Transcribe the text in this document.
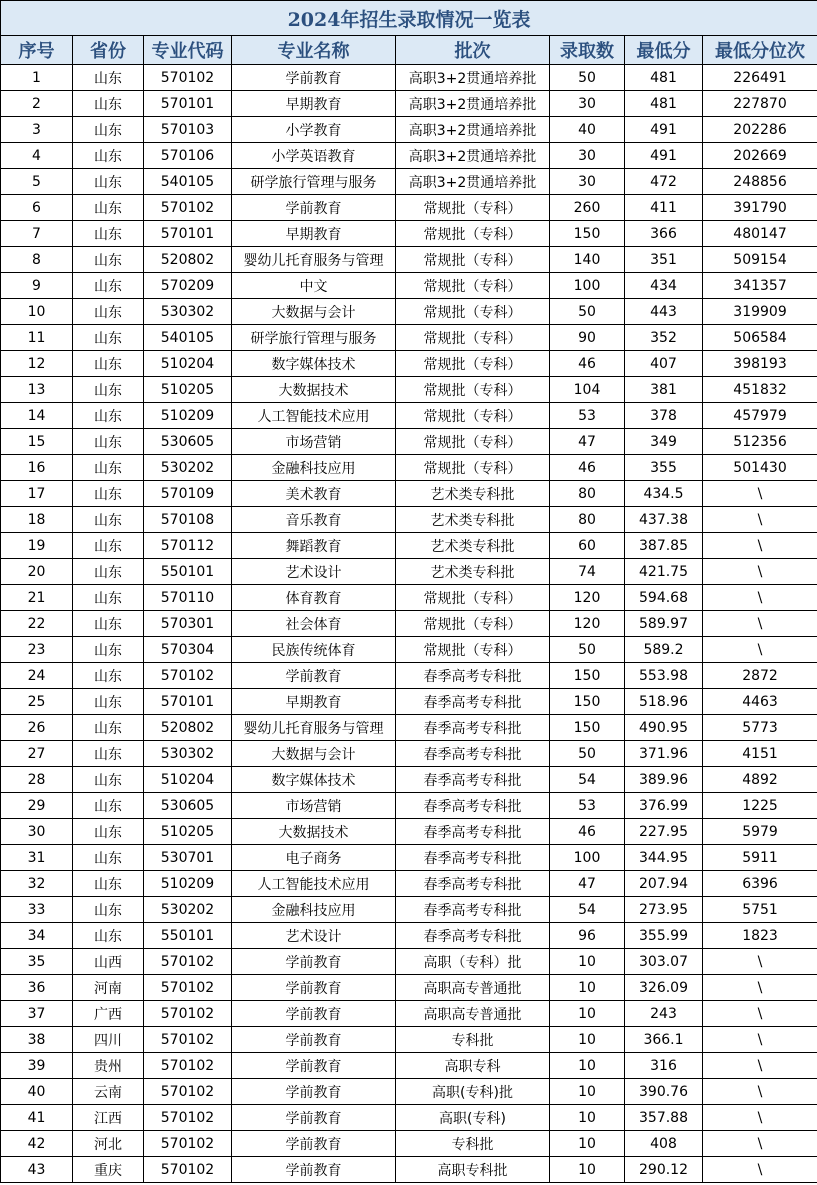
2024年招生录取情况一览表							
序号	省份	专业代码	专业名称	批次	录取数	最低分	最低分位次
1	山东	570102	学前教育	高职3+2贯通培养批	50	481	226491
2	山东	570101	早期教育	高职3+2贯通培养批	30	481	227870
3	山东	570103	小学教育	高职3+2贯通培养批	40	491	202286
4	山东	570106	小学英语教育	高职3+2贯通培养批	30	491	202669
5	山东	540105	研学旅行管理与服务	高职3+2贯通培养批	30	472	248856
6	山东	570102	学前教育	常规批（专科）	260	411	391790
7	山东	570101	早期教育	常规批（专科）	150	366	480147
8	山东	520802	婴幼儿托育服务与管理	常规批（专科）	140	351	509154
9	山东	570209	中文	常规批（专科）	100	434	341357
10	山东	530302	大数据与会计	常规批（专科）	50	443	319909
11	山东	540105	研学旅行管理与服务	常规批（专科）	90	352	506584
12	山东	510204	数字媒体技术	常规批（专科）	46	407	398193
13	山东	510205	大数据技术	常规批（专科）	104	381	451832
14	山东	510209	人工智能技术应用	常规批（专科）	53	378	457979
15	山东	530605	市场营销	常规批（专科）	47	349	512356
16	山东	530202	金融科技应用	常规批（专科）	46	355	501430
17	山东	570109	美术教育	艺术类专科批	80	434.5	\
18	山东	570108	音乐教育	艺术类专科批	80	437.38	\
19	山东	570112	舞蹈教育	艺术类专科批	60	387.85	\
20	山东	550101	艺术设计	艺术类专科批	74	421.75	\
21	山东	570110	体育教育	常规批（专科）	120	594.68	\
22	山东	570301	社会体育	常规批（专科）	120	589.97	\
23	山东	570304	民族传统体育	常规批（专科）	50	589.2	\
24	山东	570102	学前教育	春季高考专科批	150	553.98	2872
25	山东	570101	早期教育	春季高考专科批	150	518.96	4463
26	山东	520802	婴幼儿托育服务与管理	春季高考专科批	150	490.95	5773
27	山东	530302	大数据与会计	春季高考专科批	50	371.96	4151
28	山东	510204	数字媒体技术	春季高考专科批	54	389.96	4892
29	山东	530605	市场营销	春季高考专科批	53	376.99	1225
30	山东	510205	大数据技术	春季高考专科批	46	227.95	5979
31	山东	530701	电子商务	春季高考专科批	100	344.95	5911
32	山东	510209	人工智能技术应用	春季高考专科批	47	207.94	6396
33	山东	530202	金融科技应用	春季高考专科批	54	273.95	5751
34	山东	550101	艺术设计	春季高考专科批	96	355.99	1823
35	山西	570102	学前教育	高职（专科）批	10	303.07	\
36	河南	570102	学前教育	高职高专普通批	10	326.09	\
37	广西	570102	学前教育	高职高专普通批	10	243	\
38	四川	570102	学前教育	专科批	10	366.1	\
39	贵州	570102	学前教育	高职专科	10	316	\
40	云南	570102	学前教育	高职(专科)批	10	390.76	\
41	江西	570102	学前教育	高职(专科)	10	357.88	\
42	河北	570102	学前教育	专科批	10	408	\
43	重庆	570102	学前教育	高职专科批	10	290.12	\
